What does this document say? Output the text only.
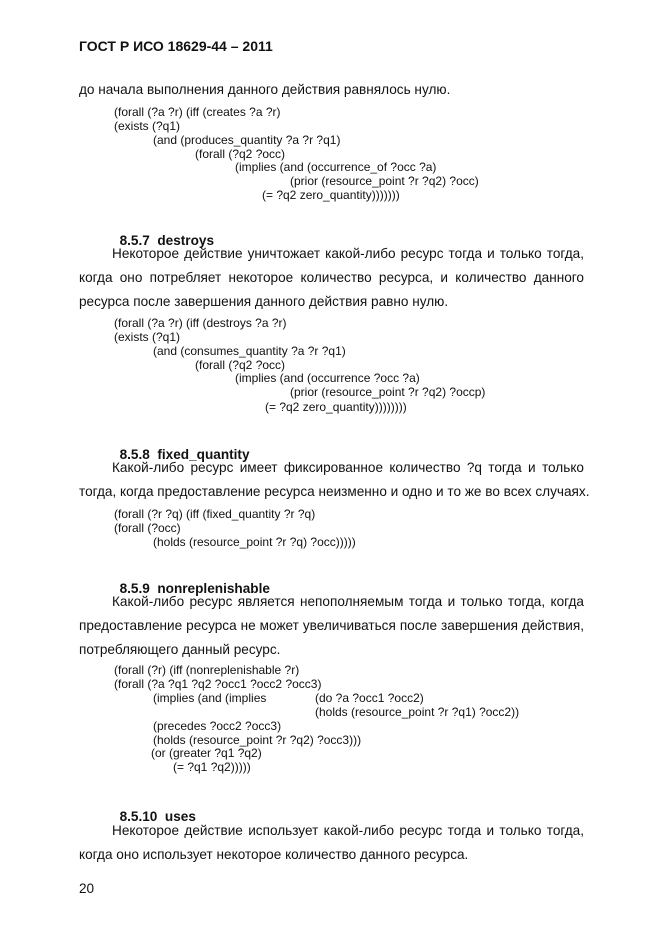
ГОСТ Р ИСО 18629-44 – 2011
до начала выполнения данного действия равнялось нулю.
(forall (?a ?r) (iff (creates ?a ?r)
(exists (?q1)
(and (produces_quantity ?a ?r ?q1)
(forall (?q2 ?occ)
(implies (and (occurrence_of ?occ ?a)
(prior (resource_point ?r ?q2) ?occ)
(= ?q2 zero_quantity)))))))

8.5.7 destroys

Некоторое действие уничтожает какой-либо ресурс тогда и только тогда,
когда оно потребляет некоторое количество ресурса, и количество данного
ресурса после завершения данного действия равно нулю.
(forall (?a ?r) (iff (destroys ?a ?r)
(exists (?q1)
(and (consumes_quantity ?a ?r ?q1)
(forall (?q2 ?occ)
(implies (and (occurrence ?occ ?a)
(prior (resource_point ?r ?q2) ?occp)
(= ?q2 zero_quantity))))))))

8.5.8 fixed_quantity

Какой-либо ресурс имеет фиксированное количество ?q тогда и только
тогда, когда предоставление ресурса неизменно и одно и то же во всех случаях.
(forall (?r ?q) (iff (fixed_quantity ?r ?q)
(forall (?occ)
(holds (resource_point ?r ?q) ?occ)))))

8.5.9 nonreplenishable

Какой-либо ресурс является непополняемым тогда и только тогда, когда
предоставление ресурса не может увеличиваться после завершения действия,
потребляющего данный ресурс.
(forall (?r) (iff (nonreplenishable ?r)
(forall (?a ?q1 ?q2 ?occ1 ?occ2 ?occ3)
(implies (and (implies	(do ?a ?occ1 ?occ2)
(holds (resource_point ?r ?q1) ?occ2))
(precedes ?occ2 ?occ3)
(holds (resource_point ?r ?q2) ?occ3)))
(or (greater ?q1 ?q2)
(= ?q1 ?q2)))))

8.5.10 uses

Некоторое действие использует какой-либо ресурс тогда и только тогда,
когда оно использует некоторое количество данного ресурса.
20
